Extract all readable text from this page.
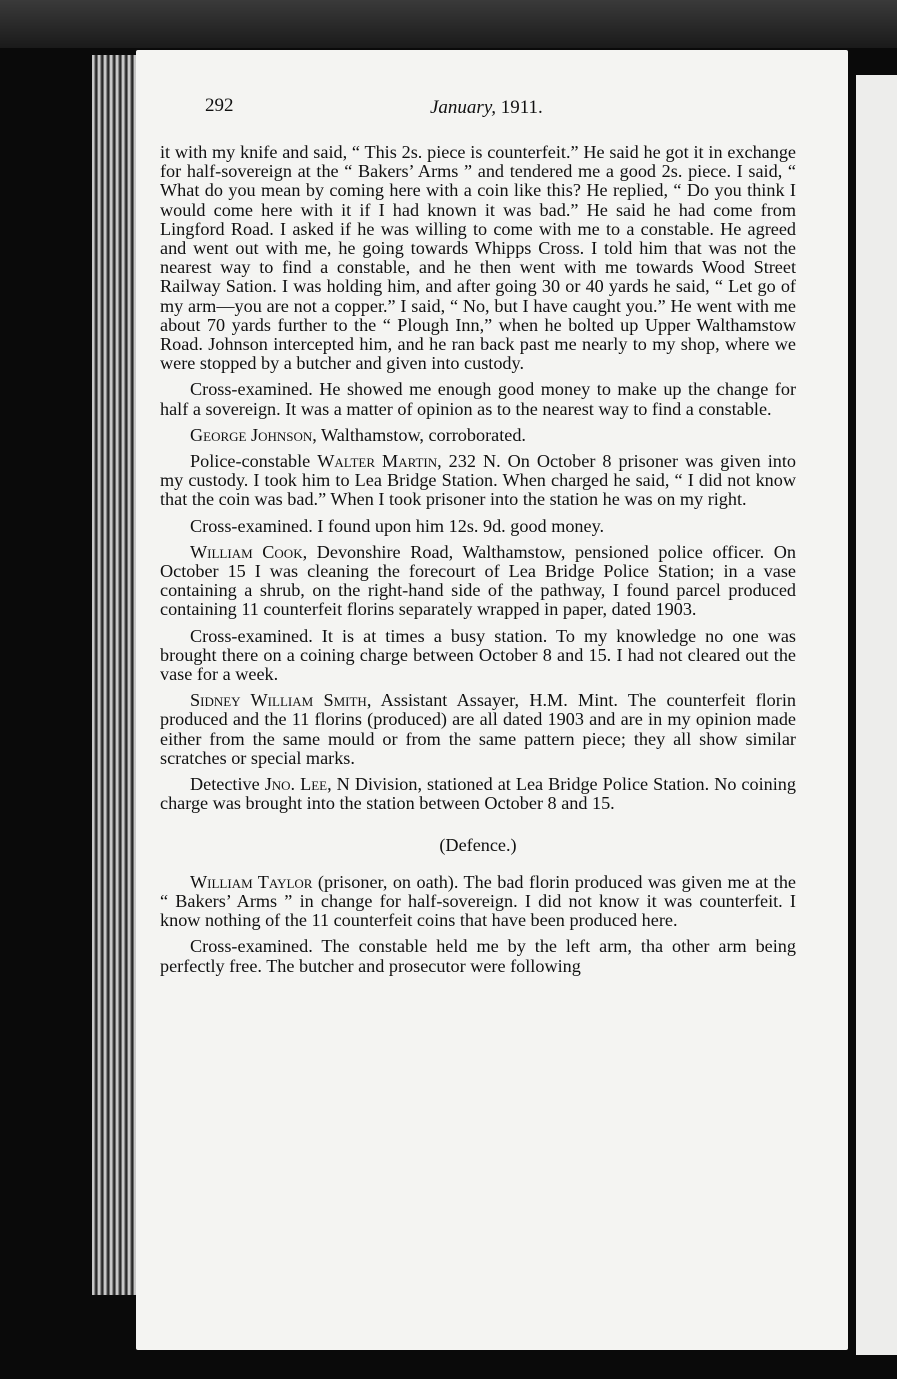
292	January, 1911.

it with my knife and said, “ This 2s. piece is counterfeit.” He said he got it in exchange for half-sovereign at the “ Bakers’ Arms ” and tendered me a good 2s. piece. I said, “ What do you mean by coming here with a coin like this? He replied, “ Do you think I would come here with it if I had known it was bad.” He said he had come from Lingford Road. I asked if he was willing to come with me to a constable. He agreed and went out with me, he going towards Whipps Cross. I told him that was not the nearest way to find a constable, and he then went with me towards Wood Street Railway Sation. I was holding him, and after going 30 or 40 yards he said, “ Let go of my arm—you are not a copper.” I said, “ No, but I have caught you.” He went with me about 70 yards further to the “ Plough Inn,” when he bolted up Upper Walthamstow Road. Johnson intercepted him, and he ran back past me nearly to my shop, where we were stopped by a butcher and given into custody.

Cross-examined. He showed me enough good money to make up the change for half a sovereign. It was a matter of opinion as to the nearest way to find a constable.

George Johnson, Walthamstow, corroborated.

Police-constable Walter Martin, 232 N. On October 8 prisoner was given into my custody. I took him to Lea Bridge Station. When charged he said, “ I did not know that the coin was bad.” When I took prisoner into the station he was on my right.

Cross-examined. I found upon him 12s. 9d. good money.

William Cook, Devonshire Road, Walthamstow, pensioned police officer. On October 15 I was cleaning the forecourt of Lea Bridge Police Station; in a vase containing a shrub, on the right-hand side of the pathway, I found parcel produced containing 11 counterfeit florins separately wrapped in paper, dated 1903.

Cross-examined. It is at times a busy station. To my knowledge no one was brought there on a coining charge between October 8 and 15. I had not cleared out the vase for a week.

Sidney William Smith, Assistant Assayer, H.M. Mint. The counterfeit florin produced and the 11 florins (produced) are all dated 1903 and are in my opinion made either from the same mould or from the same pattern piece; they all show similar scratches or special marks.

Detective Jno. Lee, N Division, stationed at Lea Bridge Police Station. No coining charge was brought into the station between October 8 and 15.

(Defence.)

William Taylor (prisoner, on oath). The bad florin produced was given me at the “ Bakers’ Arms ” in change for half-sovereign. I did not know it was counterfeit. I know nothing of the 11 counterfeit coins that have been produced here.

Cross-examined. The constable held me by the left arm, tha other arm being perfectly free. The butcher and prosecutor were following
